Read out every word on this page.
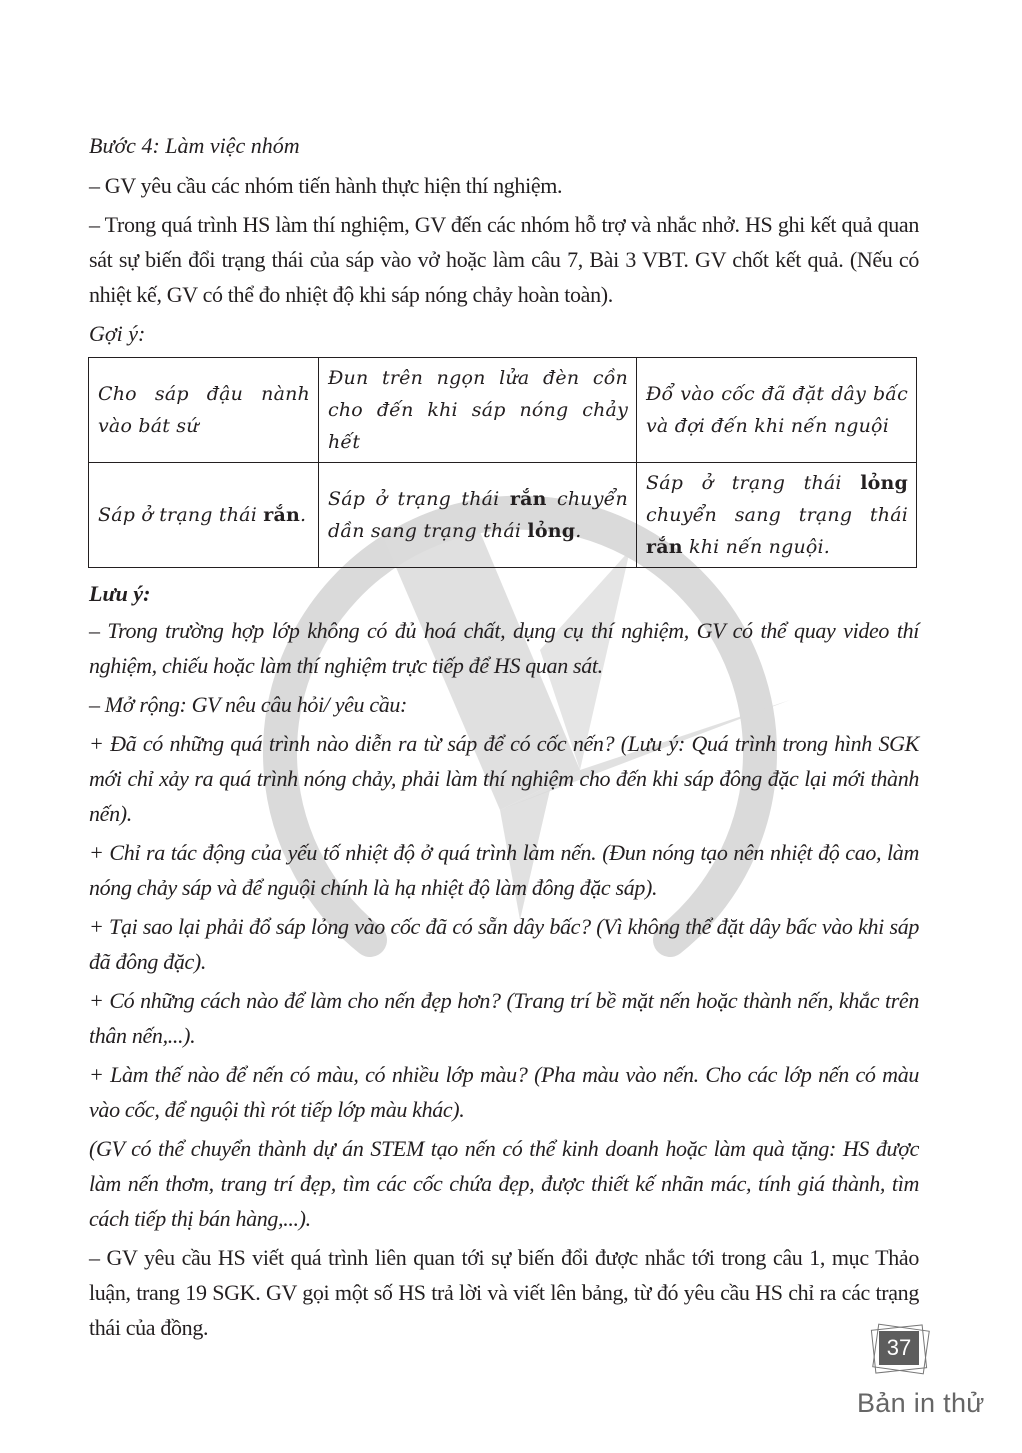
Bước 4: Làm việc nhóm

– GV yêu cầu các nhóm tiến hành thực hiện thí nghiệm.

– Trong quá trình HS làm thí nghiệm, GV đến các nhóm hỗ trợ và nhắc nhở. HS ghi kết quả quan sát sự biến đổi trạng thái của sáp vào vở hoặc làm câu 7, Bài 3 VBT. GV chốt kết quả. (Nếu có nhiệt kế, GV có thể đo nhiệt độ khi sáp nóng chảy hoàn toàn).

Gợi ý:

Cho sáp đậu nành vào bát sứ	Đun trên ngọn lửa đèn cồn cho đến khi sáp nóng chảy hết	Đổ vào cốc đã đặt dây bấc và đợi đến khi nến nguội
Sáp ở trạng thái rắn.	Sáp ở trạng thái rắn chuyển dần sang trạng thái lỏng.	Sáp ở trạng thái lỏng chuyển sang trạng thái rắn khi nến nguội.

Lưu ý:

– Trong trường hợp lớp không có đủ hoá chất, dụng cụ thí nghiệm, GV có thể quay video thí nghiệm, chiếu hoặc làm thí nghiệm trực tiếp để HS quan sát.

– Mở rộng: GV nêu câu hỏi/ yêu cầu:

+ Đã có những quá trình nào diễn ra từ sáp để có cốc nến? (Lưu ý: Quá trình trong hình SGK mới chỉ xảy ra quá trình nóng chảy, phải làm thí nghiệm cho đến khi sáp đông đặc lại mới thành nến).

+ Chỉ ra tác động của yếu tố nhiệt độ ở quá trình làm nến. (Đun nóng tạo nên nhiệt độ cao, làm nóng chảy sáp và để nguội chính là hạ nhiệt độ làm đông đặc sáp).

+ Tại sao lại phải đổ sáp lỏng vào cốc đã có sẵn dây bấc? (Vì không thể đặt dây bấc vào khi sáp đã đông đặc).

+ Có những cách nào để làm cho nến đẹp hơn? (Trang trí bề mặt nến hoặc thành nến, khắc trên thân nến,...).

+ Làm thế nào để nến có màu, có nhiều lớp màu? (Pha màu vào nến. Cho các lớp nến có màu vào cốc, để nguội thì rót tiếp lớp màu khác).

(GV có thể chuyển thành dự án STEM tạo nến có thể kinh doanh hoặc làm quà tặng: HS được làm nến thơm, trang trí đẹp, tìm các cốc chứa đẹp, được thiết kế nhãn mác, tính giá thành, tìm cách tiếp thị bán hàng,...).

– GV yêu cầu HS viết quá trình liên quan tới sự biến đổi được nhắc tới trong câu 1, mục Thảo luận, trang 19 SGK. GV gọi một số HS trả lời và viết lên bảng, từ đó yêu cầu HS chỉ ra các trạng thái của đồng.

37
Bản in thử
